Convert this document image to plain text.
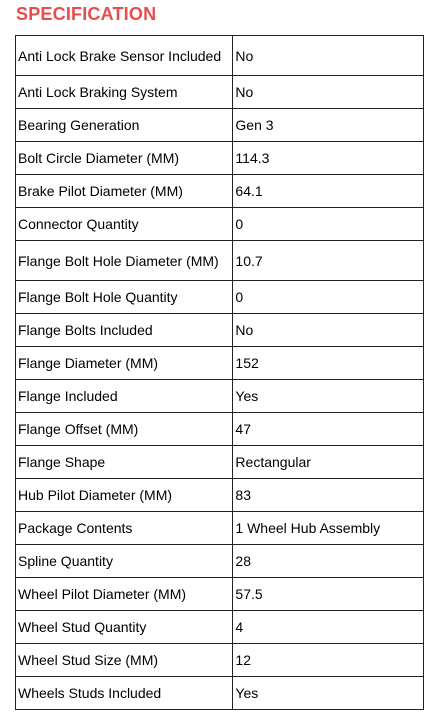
SPECIFICATION
Anti Lock Brake Sensor Included	No
Anti Lock Braking System	No
Bearing Generation	Gen 3
Bolt Circle Diameter (MM)	114.3
Brake Pilot Diameter (MM)	64.1
Connector Quantity	0
Flange Bolt Hole Diameter (MM)	10.7
Flange Bolt Hole Quantity	0
Flange Bolts Included	No
Flange Diameter (MM)	152
Flange Included	Yes
Flange Offset (MM)	47
Flange Shape	Rectangular
Hub Pilot Diameter (MM)	83
Package Contents	1 Wheel Hub Assembly
Spline Quantity	28
Wheel Pilot Diameter (MM)	57.5
Wheel Stud Quantity	4
Wheel Stud Size (MM)	12
Wheels Studs Included	Yes
